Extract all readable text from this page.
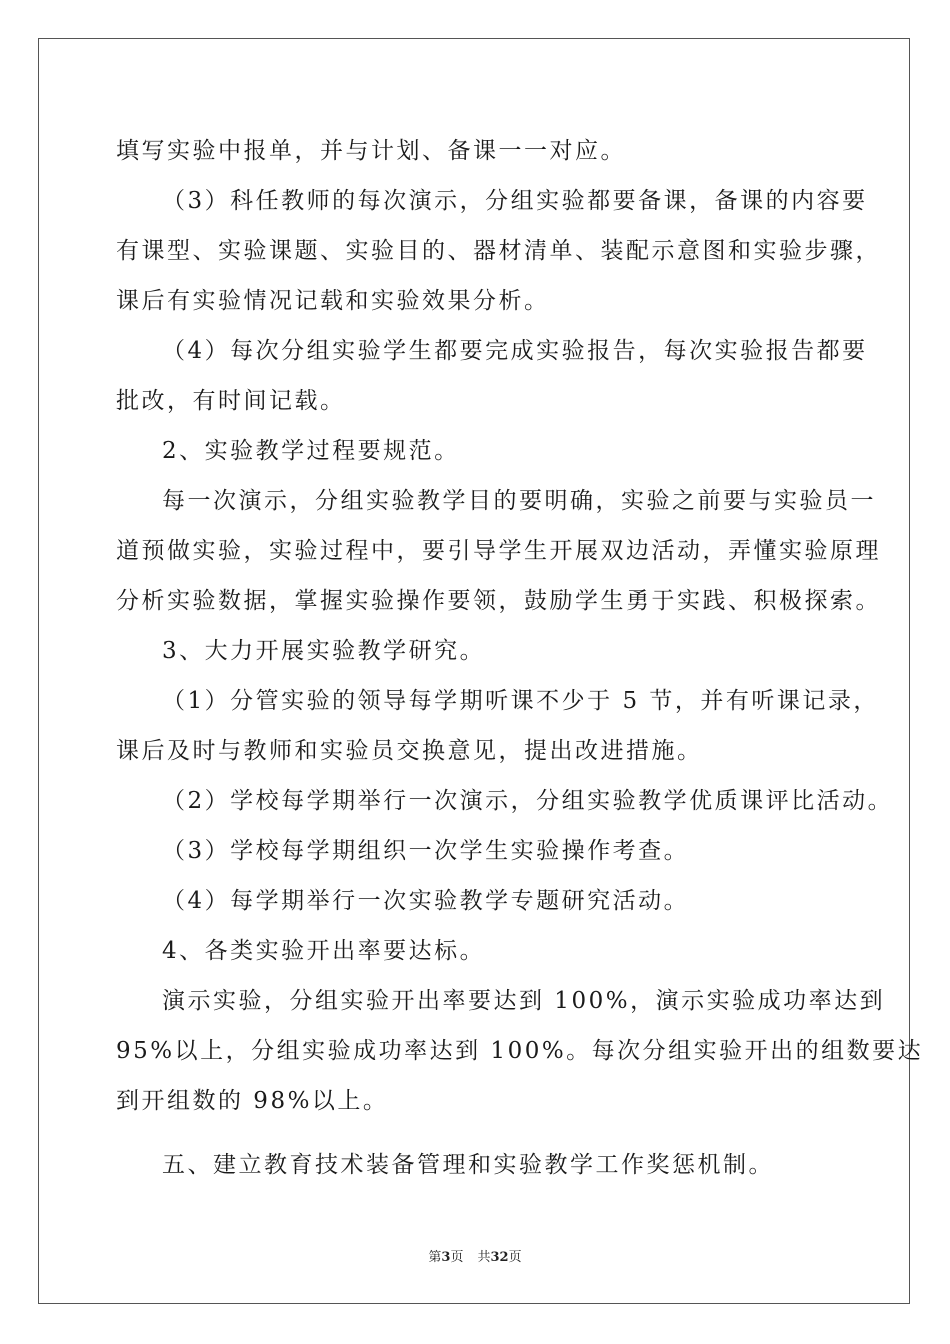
填写实验中报单，并与计划、备课一一对应。

（3）科任教师的每次演示，分组实验都要备课，备课的内容要

有课型、实验课题、实验目的、器材清单、装配示意图和实验步骤，

课后有实验情况记载和实验效果分析。

（4）每次分组实验学生都要完成实验报告，每次实验报告都要

批改，有时间记载。

2、实验教学过程要规范。

每一次演示，分组实验教学目的要明确，实验之前要与实验员一

道预做实验，实验过程中，要引导学生开展双边活动，弄懂实验原理

分析实验数据，掌握实验操作要领，鼓励学生勇于实践、积极探索。

3、大力开展实验教学研究。

（1）分管实验的领导每学期听课不少于 5 节，并有听课记录，

课后及时与教师和实验员交换意见，提出改进措施。

（2）学校每学期举行一次演示，分组实验教学优质课评比活动。

（3）学校每学期组织一次学生实验操作考查。

（4）每学期举行一次实验教学专题研究活动。

4、各类实验开出率要达标。

演示实验，分组实验开出率要达到 100%，演示实验成功率达到

95%以上，分组实验成功率达到 100%。每次分组实验开出的组数要达

到开组数的 98%以上。

五、建立教育技术装备管理和实验教学工作奖惩机制。

第3页 共32页
